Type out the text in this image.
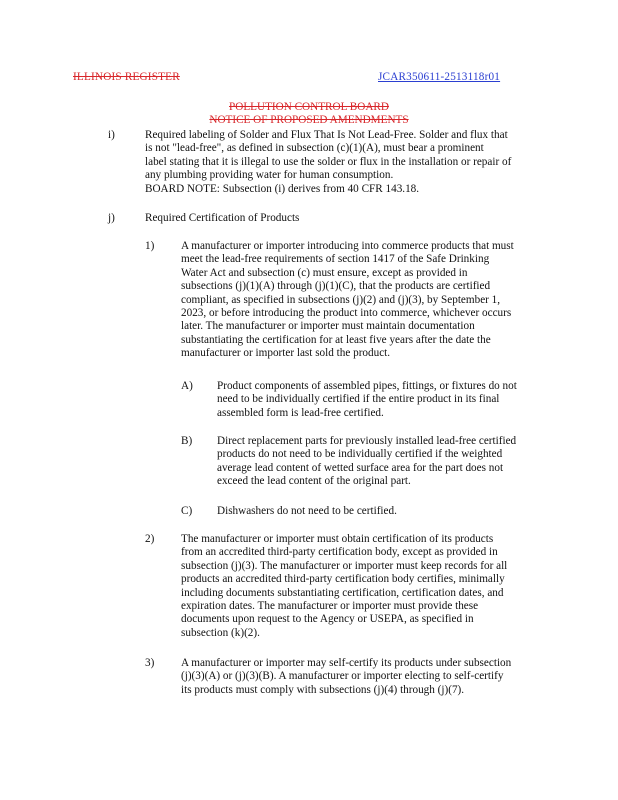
ILLINOIS REGISTER	JCAR350611-2513118r01
POLLUTION CONTROL BOARD
NOTICE OF PROPOSED AMENDMENTS
i)	Required labeling of Solder and Flux That Is Not Lead-Free. Solder and flux that

is not "lead-free", as defined in subsection (c)(1)(A), must bear a prominent

label stating that it is illegal to use the solder or flux in the installation or repair of

any plumbing providing water for human consumption.

BOARD NOTE: Subsection (i) derives from 40 CFR 143.18.

j)	Required Certification of Products
1) A manufacturer or importer introducing into commerce products that must

meet the lead-free requirements of section 1417 of the Safe Drinking

Water Act and subsection (c) must ensure, except as provided in

subsections (j)(1)(A) through (j)(1)(C), that the products are certified

compliant, as specified in subsections (j)(2) and (j)(3), by September 1,

2023, or before introducing the product into commerce, whichever occurs

later. The manufacturer or importer must maintain documentation

substantiating the certification for at least five years after the date the

manufacturer or importer last sold the product.

A) Product components of assembled pipes, fittings, or fixtures do not

need to be individually certified if the entire product in its final

assembled form is lead-free certified.

B) Direct replacement parts for previously installed lead-free certified

products do not need to be individually certified if the weighted

average lead content of wetted surface area for the part does not

exceed the lead content of the original part.

C) Dishwashers do not need to be certified.

2) The manufacturer or importer must obtain certification of its products

from an accredited third-party certification body, except as provided in

subsection (j)(3). The manufacturer or importer must keep records for all

products an accredited third-party certification body certifies, minimally

including documents substantiating certification, certification dates, and

expiration dates. The manufacturer or importer must provide these

documents upon request to the Agency or USEPA, as specified in

subsection (k)(2).

3) A manufacturer or importer may self-certify its products under subsection

(j)(3)(A) or (j)(3)(B). A manufacturer or importer electing to self-certify

its products must comply with subsections (j)(4) through (j)(7).
